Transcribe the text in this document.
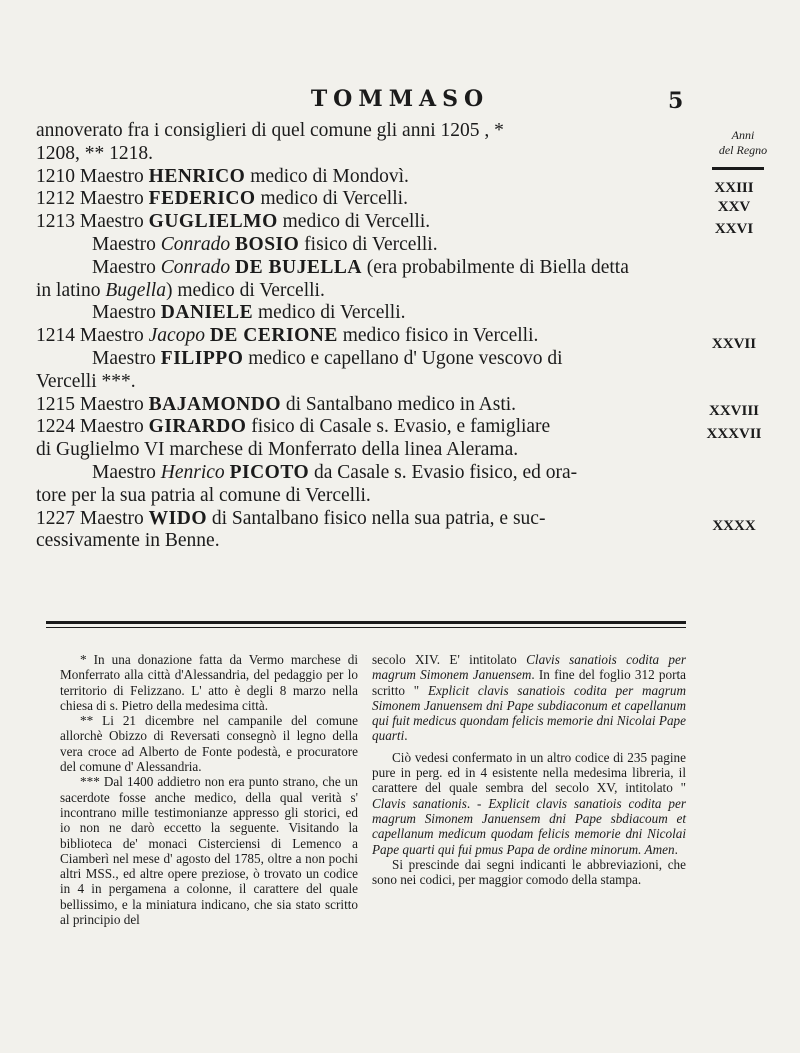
TOMMASO	5
Anni
del Regno
annoverato fra i consiglieri di quel comune gli anni 1205 , *
1208, ** 1218.
1210 Maestro HENRICO medico di Mondovì.
1212 Maestro FEDERICO medico di Vercelli.
1213 Maestro GUGLIELMO medico di Vercelli.
Maestro Conrado BOSIO fisico di Vercelli.
Maestro Conrado DE BUJELLA (era probabilmente di Biella detta
in latino Bugella) medico di Vercelli.
Maestro DANIELE medico di Vercelli.
1214 Maestro Jacopo DE CERIONE medico fisico in Vercelli.
Maestro FILIPPO medico e capellano d' Ugone vescovo di
Vercelli ***.
1215 Maestro BAJAMONDO di Santalbano medico in Asti.
1224 Maestro GIRARDO fisico di Casale s. Evasio, e famigliare
di Guglielmo VI marchese di Monferrato della linea Alerama.
Maestro Henrico PICOTO da Casale s. Evasio fisico, ed ora-
tore per la sua patria al comune di Vercelli.
1227 Maestro WIDO di Santalbano fisico nella sua patria, e suc-
cessivamente in Benne.
XXIII
XXV
XXVI
XXVII
XXVIII
XXXVII
XXXX

* In una donazione fatta da Vermo marchese di Monferrato alla città d'Alessandria, del pedaggio per lo territorio di Felizzano. L' atto è degli 8 marzo nella chiesa di s. Pietro della medesima città.

** Li 21 dicembre nel campanile del comune allorchè Obizzo di Reversati consegnò il legno della vera croce ad Alberto de Fonte podestà, e procuratore del comune d' Alessandria.

*** Dal 1400 addietro non era punto strano, che un sacerdote fosse anche medico, della qual verità s' incontrano mille testimonianze appresso gli storici, ed io non ne darò eccetto la seguente. Visitando la biblioteca de' monaci Cisterciensi di Lemenco a Ciamberì nel mese d' agosto del 1785, oltre a non pochi altri MSS., ed altre opere preziose, ò trovato un codice in 4 in pergamena a colonne, il carattere del quale bellissimo, e la miniatura indicano, che sia stato scritto al principio del

secolo XIV. E' intitolato Clavis sanatiois codita per magrum Simonem Januensem. In fine del foglio 312 porta scritto " Explicit clavis sanatiois codita per magrum Simonem Januensem dni Pape subdiaconum et capellanum qui fuit medicus quondam felicis memorie dni Nicolai Pape quarti.

Ciò vedesi confermato in un altro codice di 235 pagine pure in perg. ed in 4 esistente nella medesima libreria, il carattere del quale sembra del secolo XV, intitolato " Clavis sanationis. - Explicit clavis sanatiois codita per magrum Simonem Januensem dni Pape sbdiacoum et capellanum medicum quodam felicis memorie dni Nicolai Pape quarti qui fui pmus Papa de ordine minorum. Amen.

Si prescinde dai segni indicanti le abbreviazioni, che sono nei codici, per maggior comodo della stampa.
